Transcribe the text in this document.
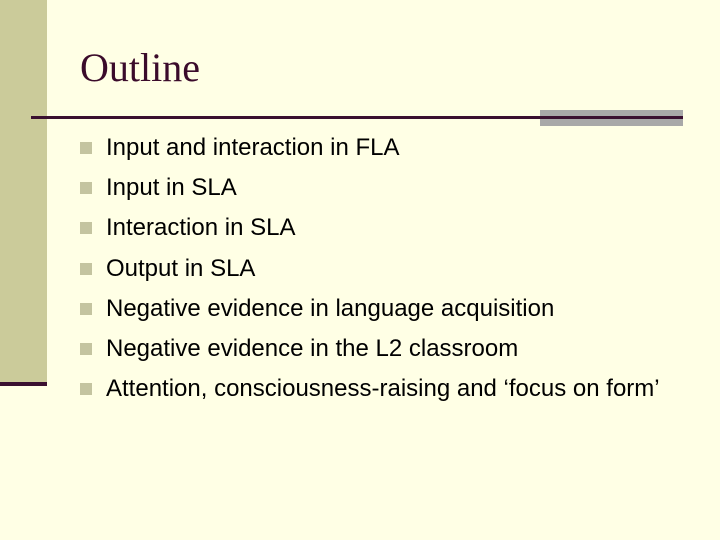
Outline
Input and interaction in FLA
Input in SLA
Interaction in SLA
Output in SLA
Negative evidence in language acquisition
Negative evidence in the L2 classroom
Attention, consciousness-raising and ‘focus on form’
